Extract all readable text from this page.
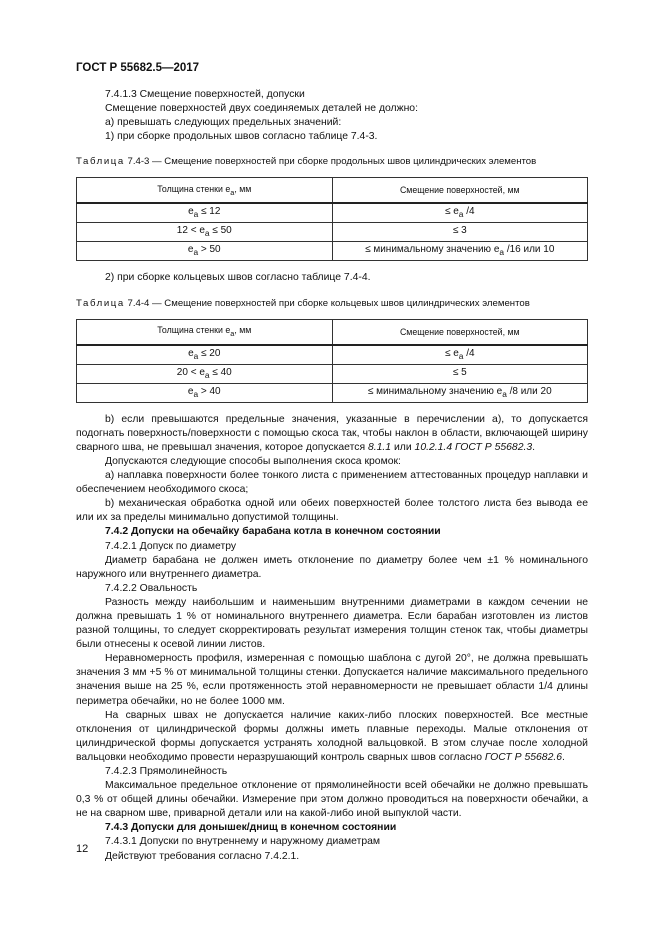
ГОСТ Р 55682.5—2017

7.4.1.3 Смещение поверхностей, допуски

Смещение поверхностей двух соединяемых деталей не должно:

а) превышать следующих предельных значений:

1) при сборке продольных швов согласно таблице 7.4-3.

Таблица 7.4-3 — Смещение поверхностей при сборке продольных швов цилиндрических элементов

Толщина стенки $e_a$, мм	Смещение поверхностей, мм
$e_a \le 12$	≤ $e_a$ /4
$12 < e_a \le 50$	≤ 3
$e_a > 50$	≤ минимальному значению $e_a$ /16 или 10

2) при сборке кольцевых швов согласно таблице 7.4-4.

Таблица 7.4-4 — Смещение поверхностей при сборке кольцевых швов цилиндрических элементов

Толщина стенки $e_a$, мм	Смещение поверхностей, мм
$e_a \le 20$	≤ $e_a$ /4
$20 < e_a \le 40$	≤ 5
$e_a > 40$	≤ минимальному значению $e_a$ /8 или 20

b) если превышаются предельные значения, указанные в перечислении а), то допускается подогнать поверхность/поверхности с помощью скоса так, чтобы наклон в области, включающей ширину сварного шва, не превышал значения, которое допускается 8.1.1 или 10.2.1.4 ГОСТ Р 55682.3.

Допускаются следующие способы выполнения скоса кромок:

а) наплавка поверхности более тонкого листа с применением аттестованных процедур наплавки и обеспечением необходимого скоса;

b) механическая обработка одной или обеих поверхностей более толстого листа без вывода ее или их за пределы минимально допустимой толщины.

7.4.2 Допуски на обечайку барабана котла в конечном состоянии

7.4.2.1 Допуск по диаметру

Диаметр барабана не должен иметь отклонение по диаметру более чем ±1 % номинального наружного или внутреннего диаметра.

7.4.2.2 Овальность

Разность между наибольшим и наименьшим внутренними диаметрами в каждом сечении не должна превышать 1 % от номинального внутреннего диаметра. Если барабан изготовлен из листов разной толщины, то следует скорректировать результат измерения толщин стенок так, чтобы диаметры были отнесены к осевой линии листов.

Неравномерность профиля, измеренная с помощью шаблона с дугой 20°, не должна превышать значения 3 мм +5 % от минимальной толщины стенки. Допускается наличие максимального предельного значения выше на 25 %, если протяженность этой неравномерности не превышает области 1/4 длины периметра обечайки, но не более 1000 мм.

На сварных швах не допускается наличие каких-либо плоских поверхностей. Все местные отклонения от цилиндрической формы должны иметь плавные переходы. Малые отклонения от цилиндрической формы допускается устранять холодной вальцовкой. В этом случае после холодной вальцовки необходимо провести неразрушающий контроль сварных швов согласно ГОСТ Р 55682.6.

7.4.2.3 Прямолинейность

Максимальное предельное отклонение от прямолинейности всей обечайки не должно превышать 0,3 % от общей длины обечайки. Измерение при этом должно проводиться на поверхности обечайки, а не на сварном шве, приварной детали или на какой-либо иной выпуклой части.

7.4.3 Допуски для донышек/днищ в конечном состоянии

7.4.3.1 Допуски по внутреннему и наружному диаметрам

Действуют требования согласно 7.4.2.1.

12
